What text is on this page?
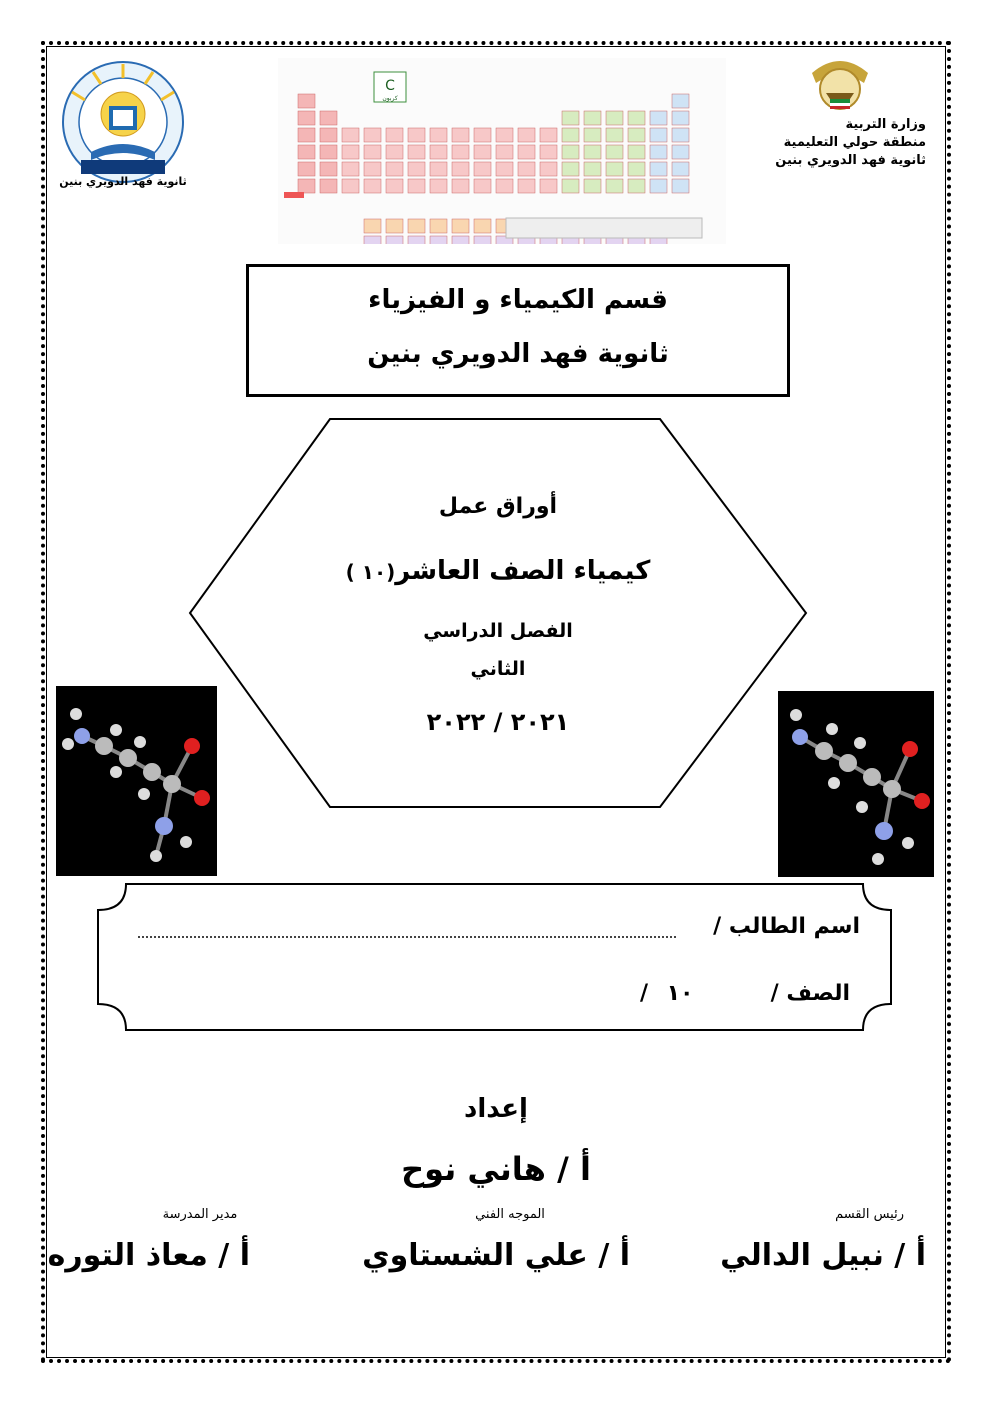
ثانوية فهد الدويري بنين
C
كربون
وزارة التربية
منطقة حولي التعليمية
ثانوية فهد الدويري بنين
قسم الكيمياء و الفيزياء
ثانوية فهد الدويري بنين
أوراق عمل
كيمياء الصف العاشر(١٠ )
الفصل الدراسي
الثاني
٢٠٢١ / ٢٠٢٢
اسم الطالب /
الصف /
١٠
/
إعداد
أ / هاني نوح
رئيس القسم
الموجه الفني
مدير المدرسة
أ / نبيل الدالي
أ / علي الشستاوي
أ / معاذ التوره
